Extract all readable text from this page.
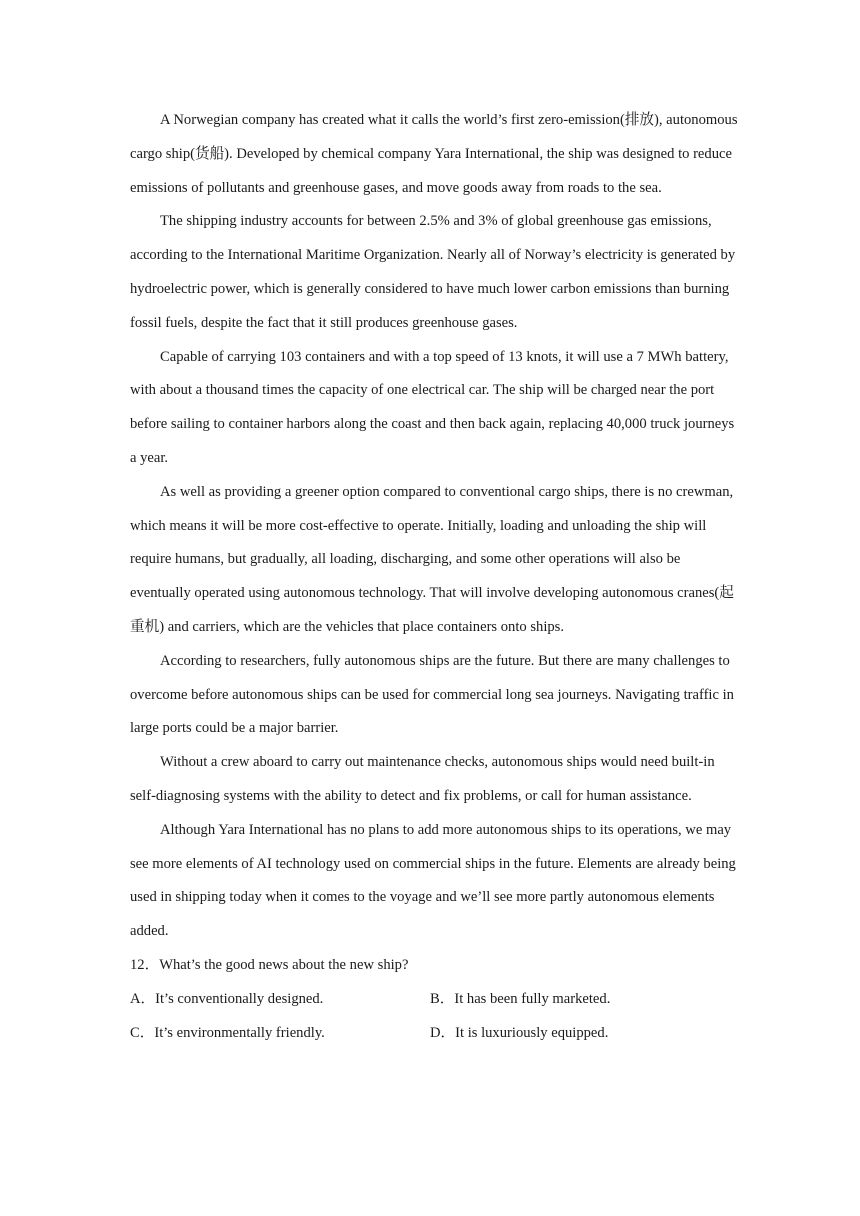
A Norwegian company has created what it calls the world’s first zero-emission(排放), autonomous cargo ship(货船). Developed by chemical company Yara International, the ship was designed to reduce emissions of pollutants and greenhouse gases, and move goods away from roads to the sea.

The shipping industry accounts for between 2.5% and 3% of global greenhouse gas emissions, according to the International Maritime Organization. Nearly all of Norway’s electricity is generated by hydroelectric power, which is generally considered to have much lower carbon emissions than burning fossil fuels, despite the fact that it still produces greenhouse gases.

Capable of carrying 103 containers and with a top speed of 13 knots, it will use a 7 MWh battery, with about a thousand times the capacity of one electrical car. The ship will be charged near the port before sailing to container harbors along the coast and then back again, replacing 40,000 truck journeys a year.

As well as providing a greener option compared to conventional cargo ships, there is no crewman, which means it will be more cost-effective to operate. Initially, loading and unloading the ship will require humans, but gradually, all loading, discharging, and some other operations will also be eventually operated using autonomous technology. That will involve developing autonomous cranes(起重机) and carriers, which are the vehicles that place containers onto ships.

According to researchers, fully autonomous ships are the future. But there are many challenges to overcome before autonomous ships can be used for commercial long sea journeys. Navigating traffic in large ports could be a major barrier.

Without a crew aboard to carry out maintenance checks, autonomous ships would need built-in self-diagnosing systems with the ability to detect and fix problems, or call for human assistance.

Although Yara International has no plans to add more autonomous ships to its operations, we may see more elements of AI technology used on commercial ships in the future. Elements are already being used in shipping today when it comes to the voyage and we’ll see more partly autonomous elements added.

12．What’s the good news about the new ship?

A．It’s conventionally designed.	B．It has been fully marketed.
C．It’s environmentally friendly.	D．It is luxuriously equipped.
